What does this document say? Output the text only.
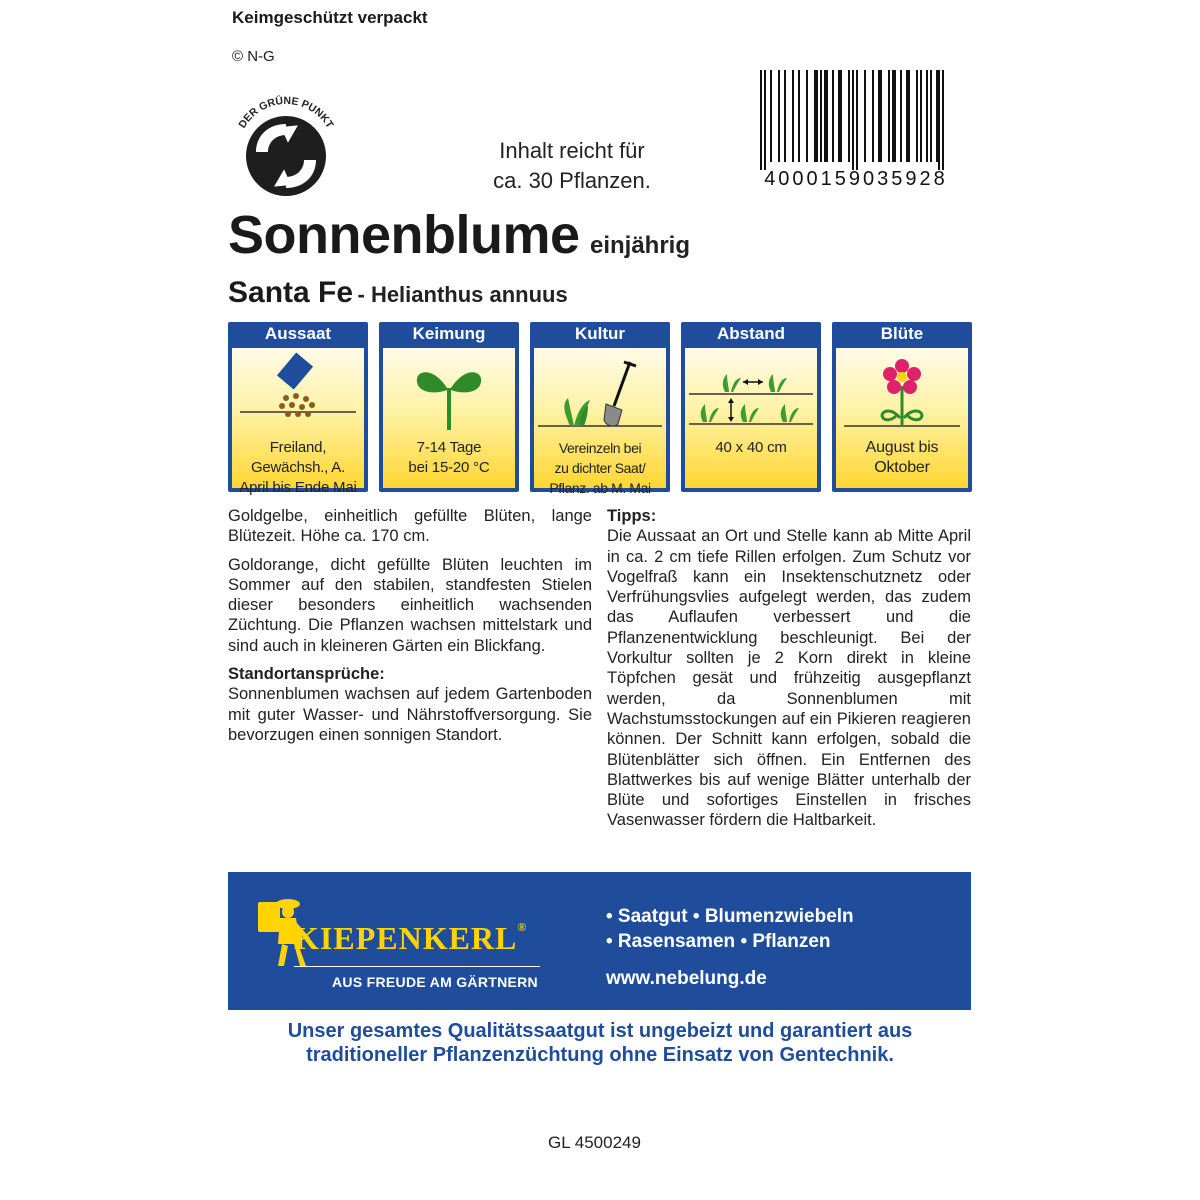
Keimgeschützt verpackt
© N-G
DER GRÜNE PUNKT
Inhalt reicht für
ca. 30 Pflanzen.	4000159035928
Sonnenblume einjährig
Santa Fe - Helianthus annuus
Aussaat
Freiland,
Gewächsh., A.
April bis Ende Mai
Keimung
7-14 Tage
bei 15-20 °C
Kultur
Vereinzeln bei
zu dichter Saat/
Pflanz. ab M. Mai
Abstand
40 x 40 cm
Blüte
August bis
Oktober

Goldgelbe, einheitlich gefüllte Blüten, lange Blütezeit. Höhe ca. 170 cm.

Goldorange, dicht gefüllte Blüten leuchten im Sommer auf den stabilen, standfesten Stielen dieser besonders einheitlich wachsenden Züchtung. Die Pflanzen wachsen mittelstark und sind auch in kleineren Gärten ein Blickfang.

Standortansprüche:
Sonnenblumen wachsen auf jedem Gartenboden mit guter Wasser- und Nährstoffversorgung. Sie bevorzugen einen sonnigen Standort.
Tipps:
Die Aussaat an Ort und Stelle kann ab Mitte April in ca. 2 cm tiefe Rillen erfolgen. Zum Schutz vor Vogelfraß kann ein Insektenschutznetz oder Verfrühungsvlies aufgelegt werden, das zudem das Auflaufen verbessert und die Pflanzenentwicklung beschleunigt. Bei der Vorkultur sollten je 2 Korn direkt in kleine Töpfchen gesät und frühzeitig ausgepflanzt werden, da Sonnenblumen mit Wachstumsstockungen auf ein Pikieren reagieren können. Der Schnitt kann erfolgen, sobald die Blütenblätter sich öffnen. Ein Entfernen des Blattwerkes bis auf wenige Blätter unterhalb der Blüte und sofortiges Einstellen in frisches Vasenwasser fördern die Haltbarkeit.
KIEPENKERL®
AUS FREUDE AM GÄRTNERN
• Saatgut • Blumenzwiebeln
• Rasensamen • Pflanzen
www.nebelung.de
Unser gesamtes Qualitätssaatgut ist ungebeizt und garantiert aus
traditioneller Pflanzenzüchtung ohne Einsatz von Gentechnik.
GL 4500249
